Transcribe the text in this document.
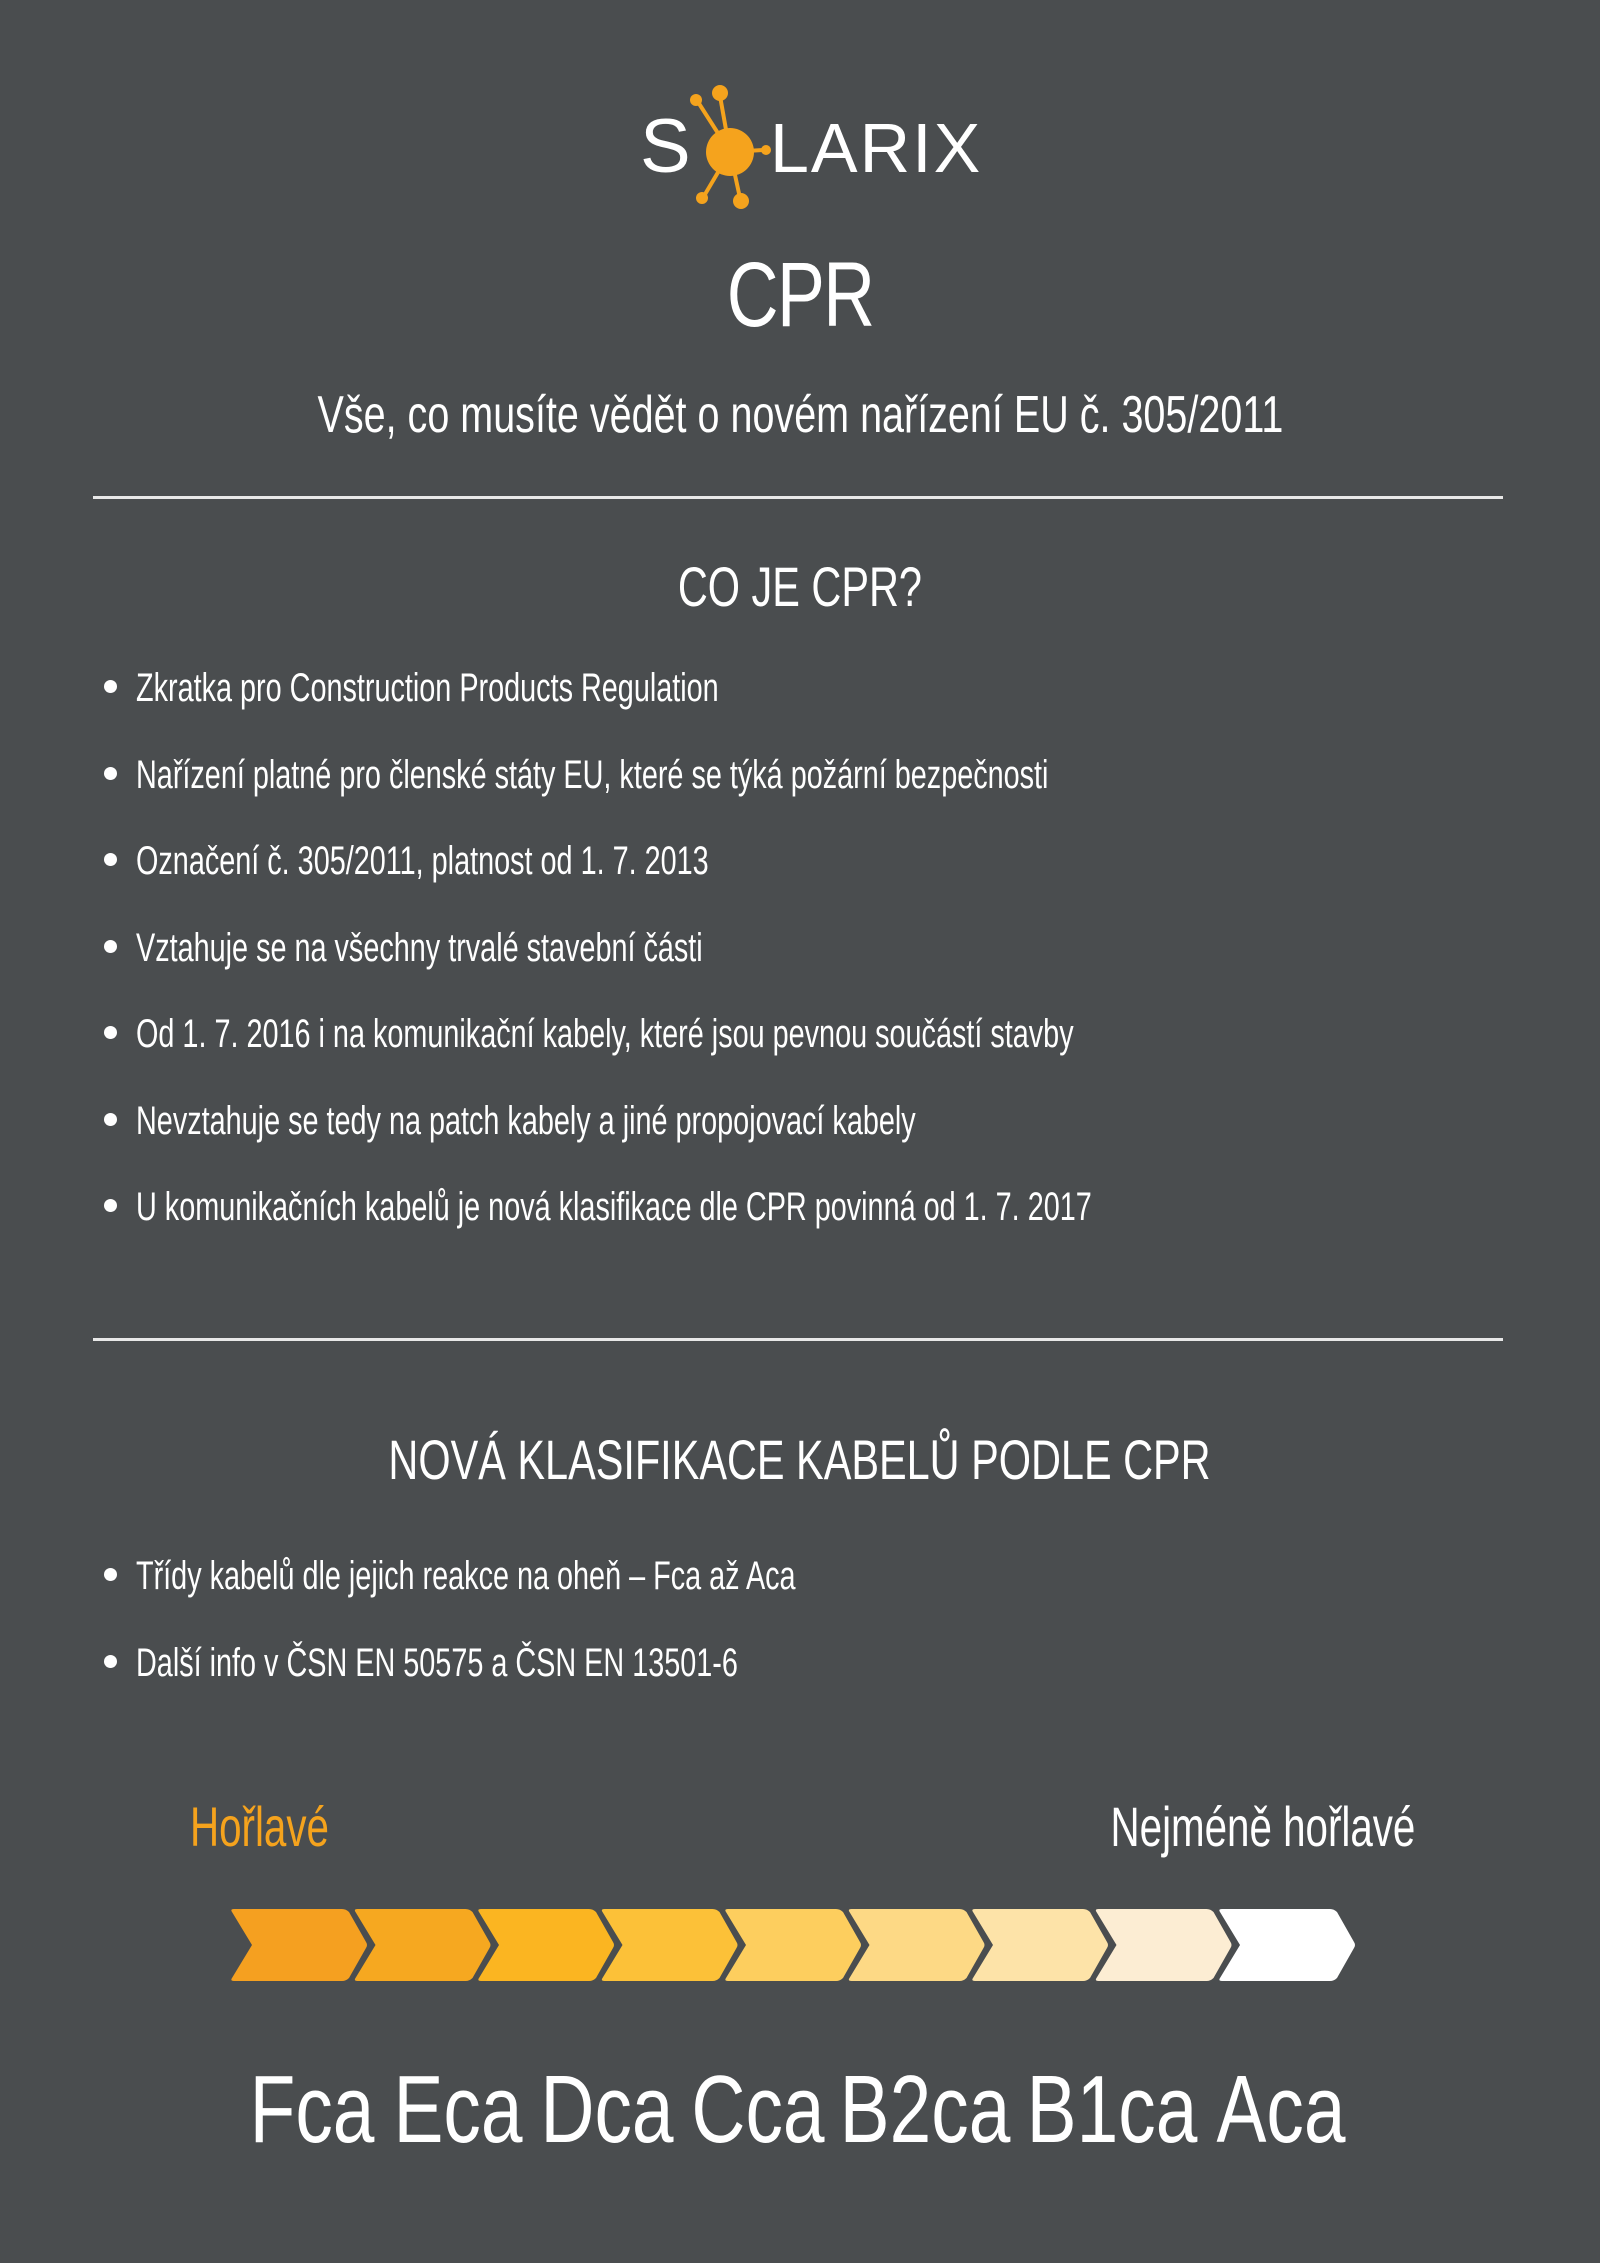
S LARIX
CPR
Vše, co musíte vědět o novém nařízení EU č. 305/2011
CO JE CPR?
Zkratka pro Construction Products Regulation
Nařízení platné pro členské státy EU, které se týká požární bezpečnosti
Označení č. 305/2011, platnost od 1. 7. 2013
Vztahuje se na všechny trvalé stavební části
Od 1. 7. 2016 i na komunikační kabely, které jsou pevnou součástí stavby
Nevztahuje se tedy na patch kabely a jiné propojovací kabely
U komunikačních kabelů je nová klasifikace dle CPR povinná od 1. 7. 2017
NOVÁ KLASIFIKACE KABELŮ PODLE CPR
Třídy kabelů dle jejich reakce na oheň – Fca až Aca
Další info v ČSN EN 50575 a ČSN EN 13501-6
Hořlavé	Nejméně hořlavé
Fca Eca Dca Cca B2ca B1ca Aca
